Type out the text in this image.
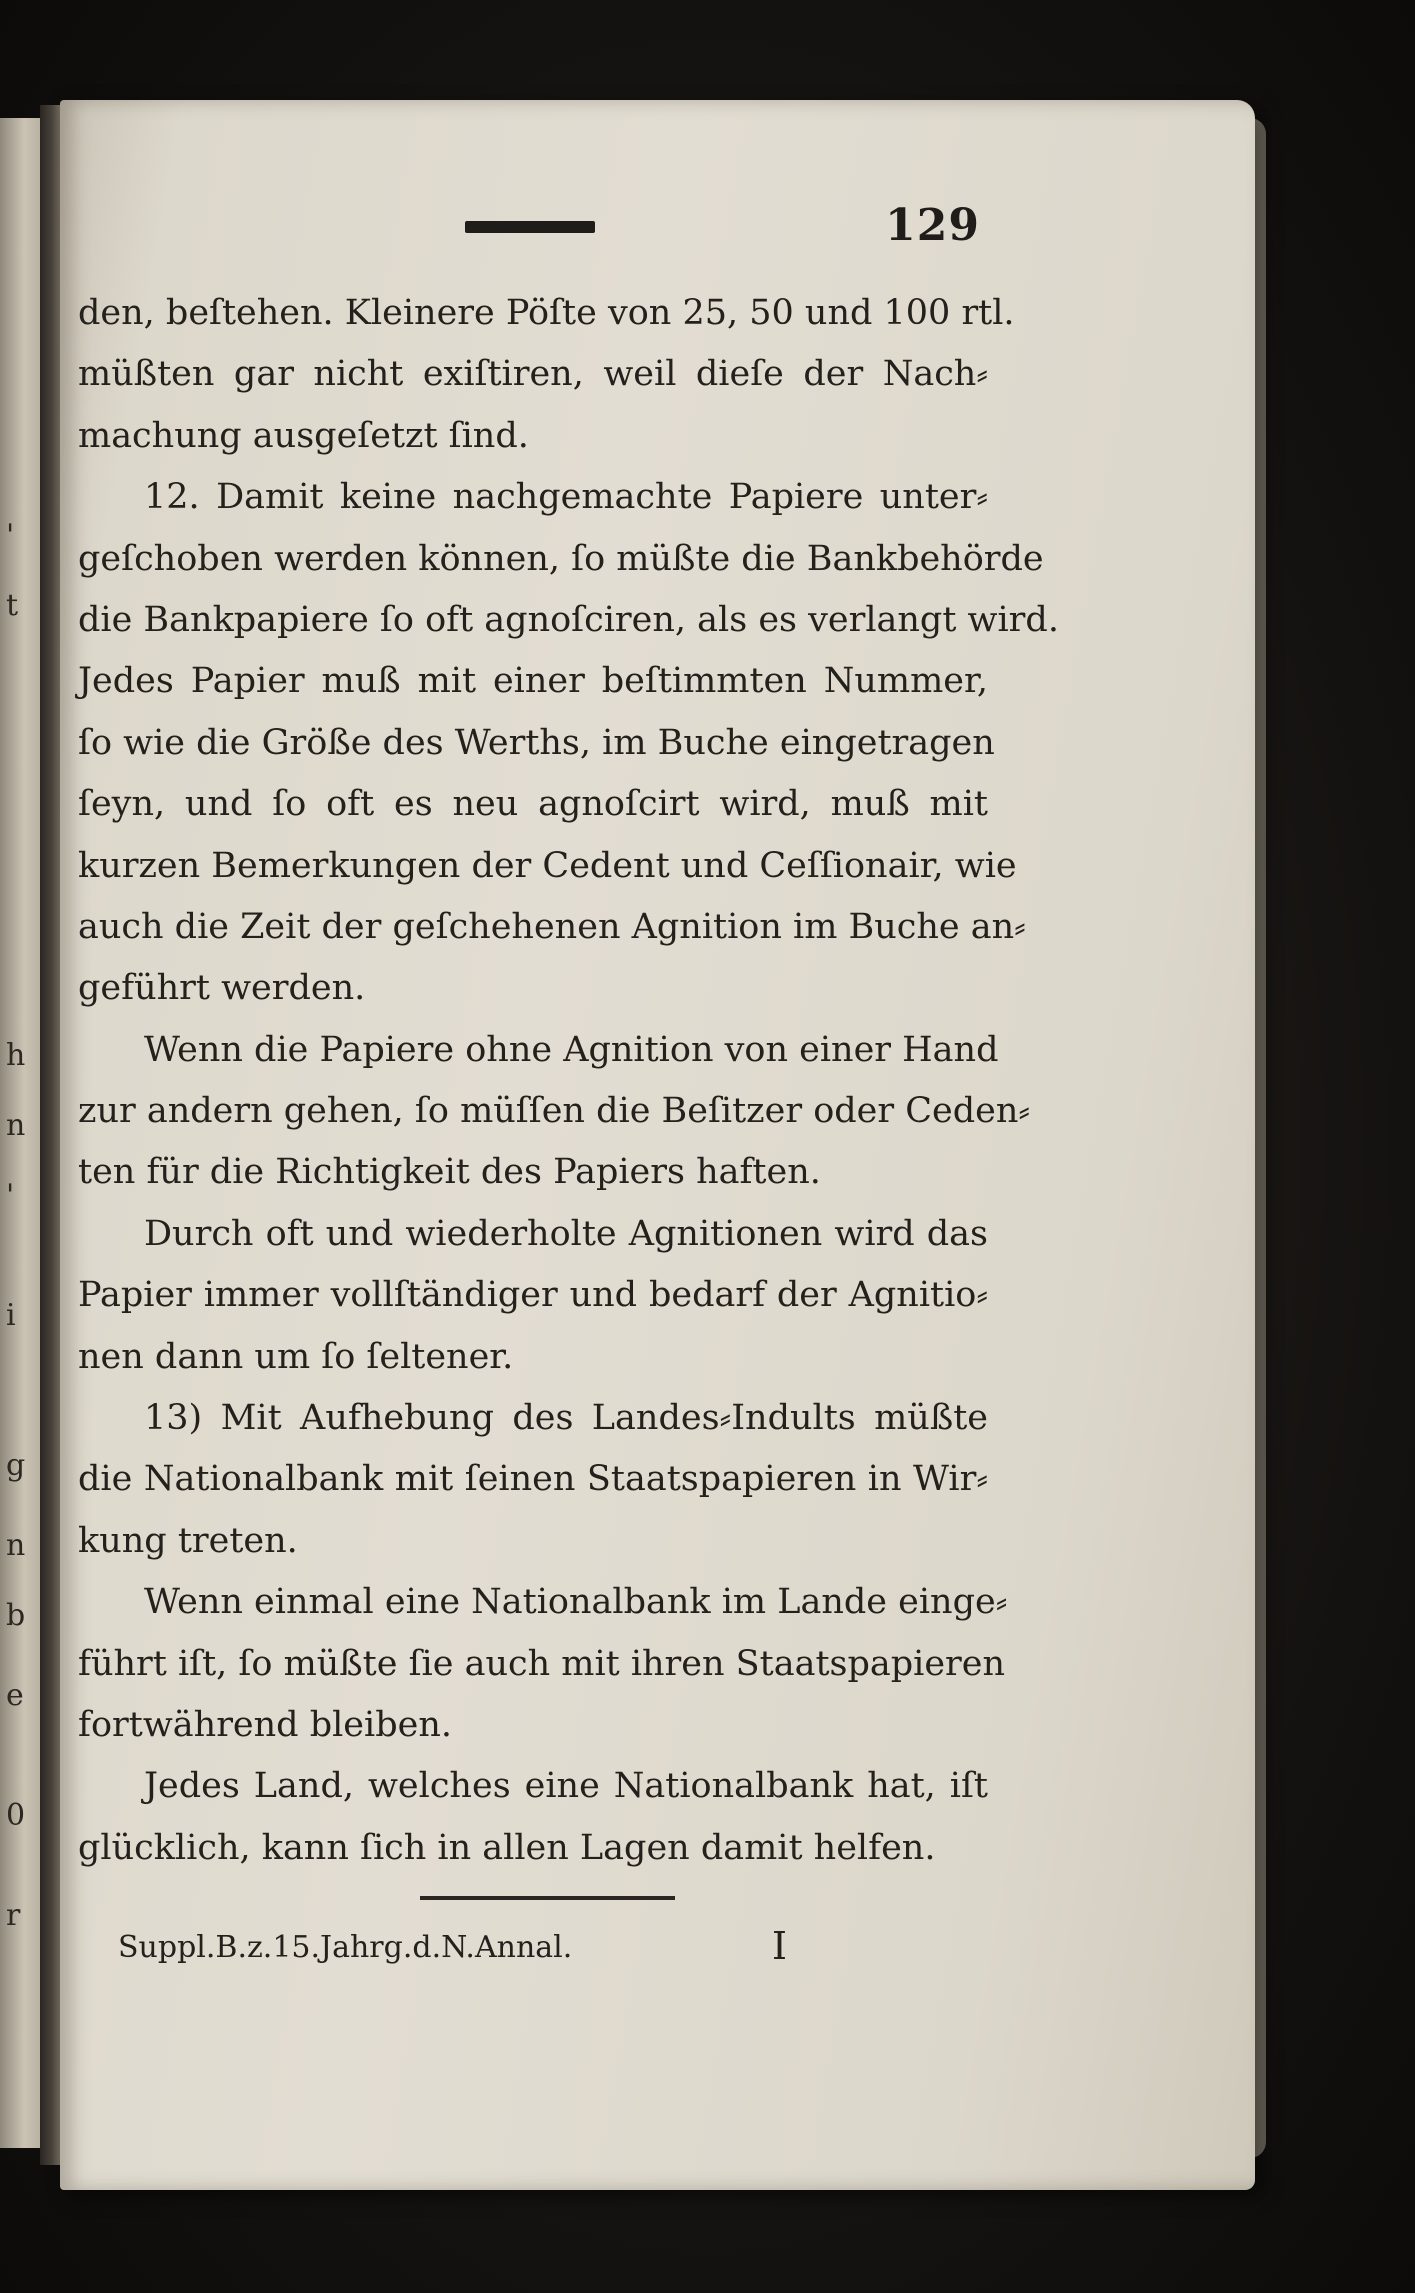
'
t
h
n
'
i
g
n
b
e
0
r
129
den, beſtehen. Kleinere Pöſte von 25, 50 und 100 rtl.
müßten gar nicht exiſtiren, weil dieſe der Nach⸗
machung ausgeſetzt ſind.
12. Damit keine nachgemachte Papiere unter⸗
geſchoben werden können, ſo müßte die Bankbehörde
die Bankpapiere ſo oft agnoſciren, als es verlangt wird.
Jedes Papier muß mit einer beſtimmten Nummer,
ſo wie die Größe des Werths, im Buche eingetragen
ſeyn, und ſo oft es neu agnoſcirt wird, muß mit
kurzen Bemerkungen der Cedent und Ceſſionair, wie
auch die Zeit der geſchehenen Agnition im Buche an⸗
geführt werden.
Wenn die Papiere ohne Agnition von einer Hand
zur andern gehen, ſo müſſen die Beſitzer oder Ceden⸗
ten für die Richtigkeit des Papiers haften.
Durch oft und wiederholte Agnitionen wird das
Papier immer vollſtändiger und bedarf der Agnitio⸗
nen dann um ſo ſeltener.
13) Mit Aufhebung des Landes⸗Indults müßte
die Nationalbank mit ſeinen Staatspapieren in Wir⸗
kung treten.
Wenn einmal eine Nationalbank im Lande einge⸗
führt iſt, ſo müßte ſie auch mit ihren Staatspapieren
fortwährend bleiben.
Jedes Land, welches eine Nationalbank hat, iſt
glücklich, kann ſich in allen Lagen damit helfen.
Suppl.B.z.15.Jahrg.d.N.Annal.	I
